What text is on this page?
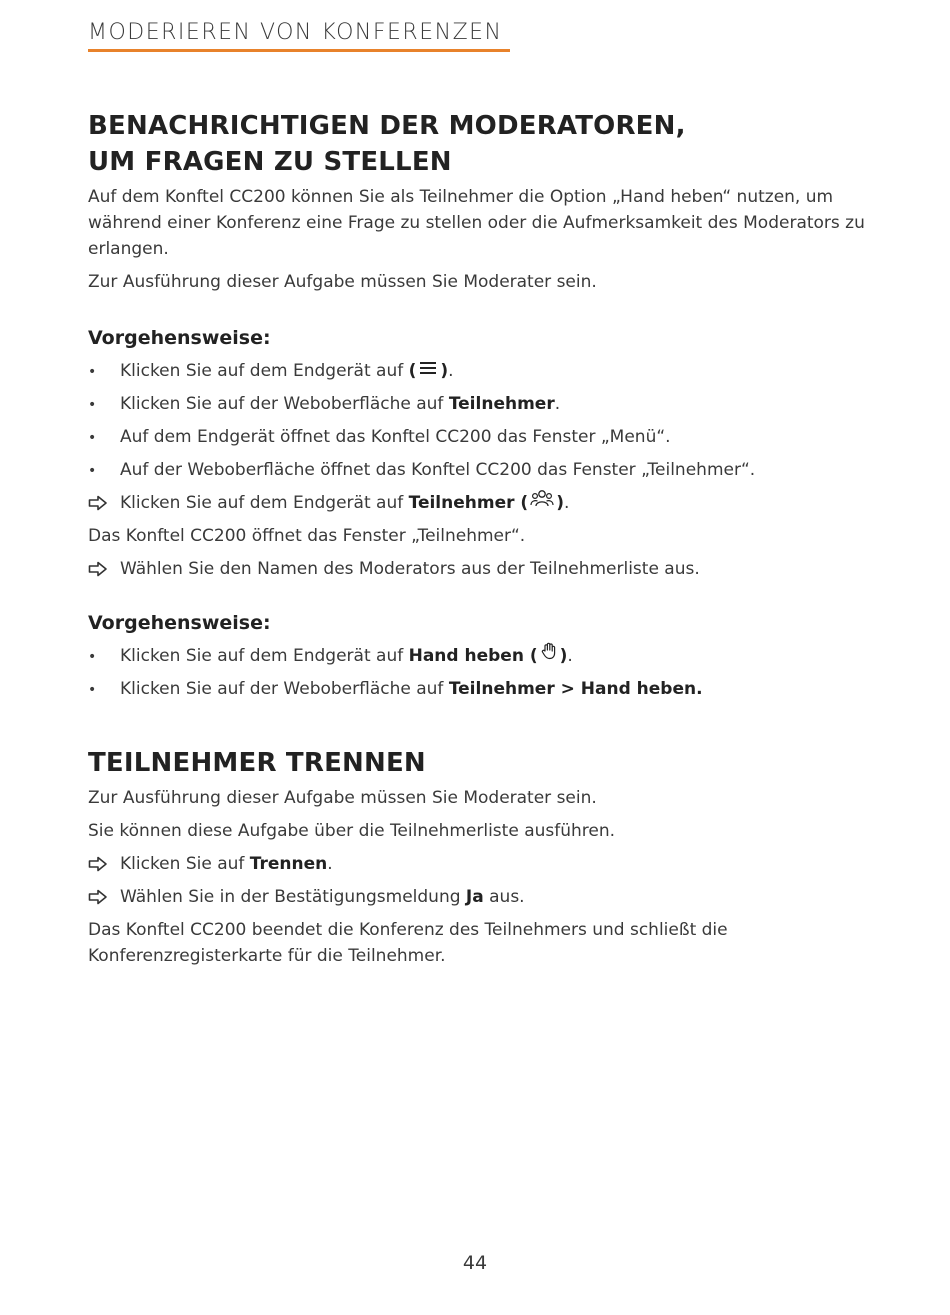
MODERIEREN VON KONFERENZEN
BENACHRICHTIGEN DER MODERATOREN,
UM FRAGEN ZU STELLEN

Auf dem Konftel CC200 können Sie als Teilnehmer die Option „Hand heben“ nutzen, um während einer Konferenz eine Frage zu stellen oder die Aufmerksamkeit des Moderators zu erlangen.

Zur Ausführung dieser Aufgabe müssen Sie Moderater sein.

Vorgehensweise:
•	Klicken Sie auf dem Endgerät auf ( ).
•	Klicken Sie auf der Weboberfläche auf Teilnehmer.
•	Auf dem Endgerät öffnet das Konftel CC200 das Fenster „Menü“.
•	Auf der Weboberfläche öffnet das Konftel CC200 das Fenster „Teilnehmer“.
Klicken Sie auf dem Endgerät auf Teilnehmer ( ).

Das Konftel CC200 öffnet das Fenster „Teilnehmer“.

Wählen Sie den Namen des Moderators aus der Teilnehmerliste aus.
Vorgehensweise:
•	Klicken Sie auf dem Endgerät auf Hand heben ( ).
•	Klicken Sie auf der Weboberfläche auf Teilnehmer > Hand heben.
TEILNEHMER TRENNEN

Zur Ausführung dieser Aufgabe müssen Sie Moderater sein.

Sie können diese Aufgabe über die Teilnehmerliste ausführen.

Klicken Sie auf Trennen.
Wählen Sie in der Bestätigungsmeldung Ja aus.

Das Konftel CC200 beendet die Konferenz des Teilnehmers und schließt die Konferenzregisterkarte für die Teilnehmer.

44
